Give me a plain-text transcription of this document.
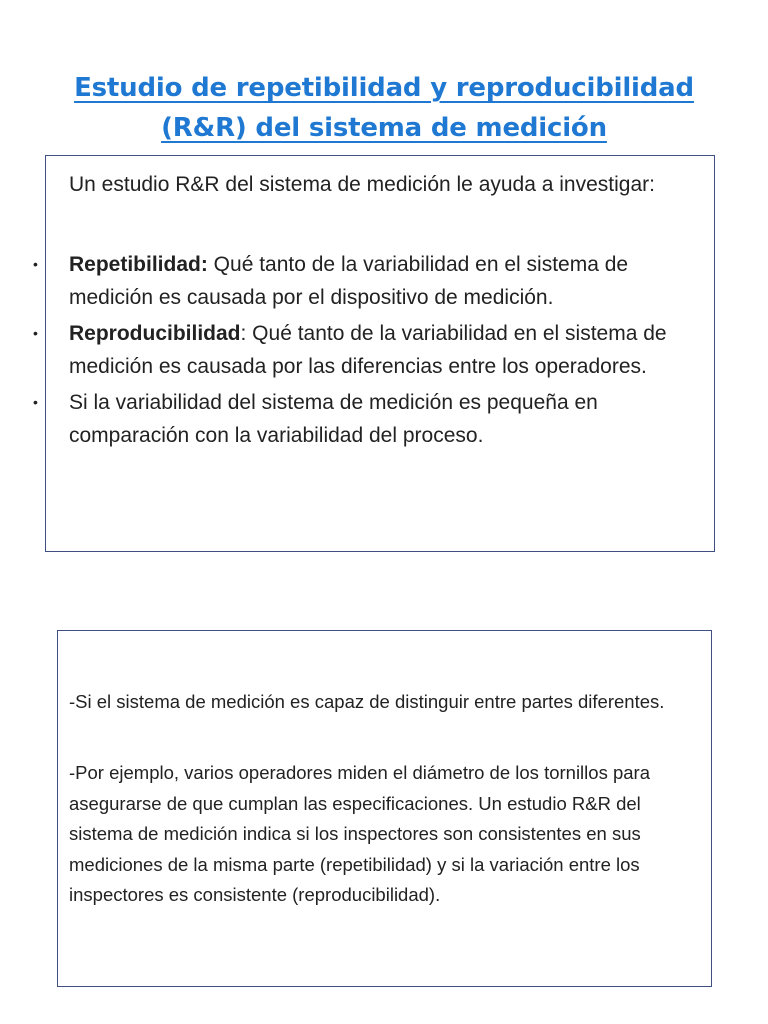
Estudio de repetibilidad y reproducibilidad
(R&R) del sistema de medición
Un estudio R&R del sistema de medición le ayuda a investigar:
• Repetibilidad: Qué tanto de la variabilidad en el sistema de medición es causada por el dispositivo de medición.
• Reproducibilidad: Qué tanto de la variabilidad en el sistema de medición es causada por las diferencias entre los operadores.
• Si la variabilidad del sistema de medición es pequeña en comparación con la variabilidad del proceso.
-Si el sistema de medición es capaz de distinguir entre partes diferentes.
-Por ejemplo, varios operadores miden el diámetro de los tornillos para asegurarse de que cumplan las especificaciones. Un estudio R&R del sistema de medición indica si los inspectores son consistentes en sus mediciones de la misma parte (repetibilidad) y si la variación entre los inspectores es consistente (reproducibilidad).
